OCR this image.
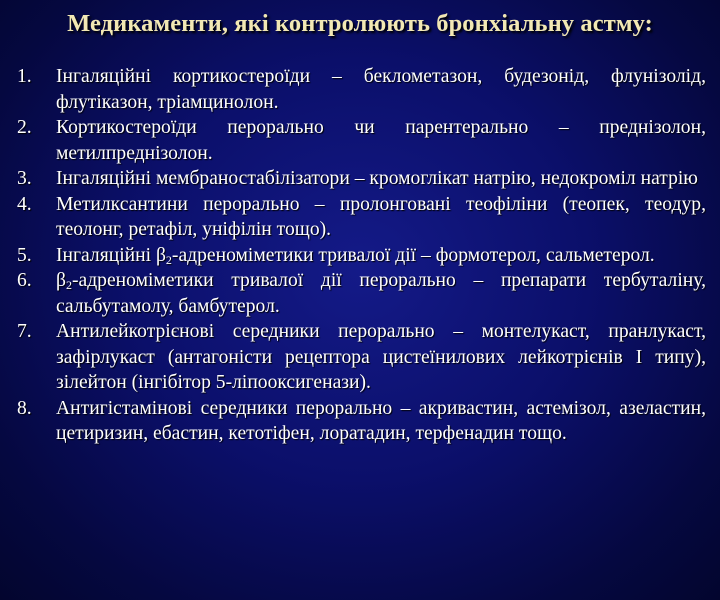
Медикаменти, які контролюють бронхіальну астму:
1.	Інгаляційні кортикостероїди – беклометазон, будезонід, флунізолід, флутіказон, тріамцинолон.
2.	Кортикостероїди перорально чи парентерально – преднізолон, метилпреднізолон.
3.	Інгаляційні мембраностабілізатори – кромоглікат натрію, недокроміл натрію
4.	Метилксантини перорально – пролонговані теофіліни (теопек, теодур, теолонг, ретафіл, уніфілін тощо).
5.	Інгаляційні $\beta_2$-адреноміметики тривалої дії – формотерол, сальметерол.
6.	$\beta_2$-адреноміметики тривалої дії перорально – препарати тербуталіну, сальбутамолу, бамбутерол.
7.	Антилейкотрієнові середники перорально – монтелукаст, пранлукаст, зафірлукаст (антагоністи рецептора цистеїнилових лейкотрієнів І типу), зілейтон (інгібітор 5-ліпооксигенази).
8.	Антигістамінові середники перорально – акривастин, астемізол, азеластин, цетиризин, ебастин, кетотіфен, лоратадин, терфенадин тощо.
